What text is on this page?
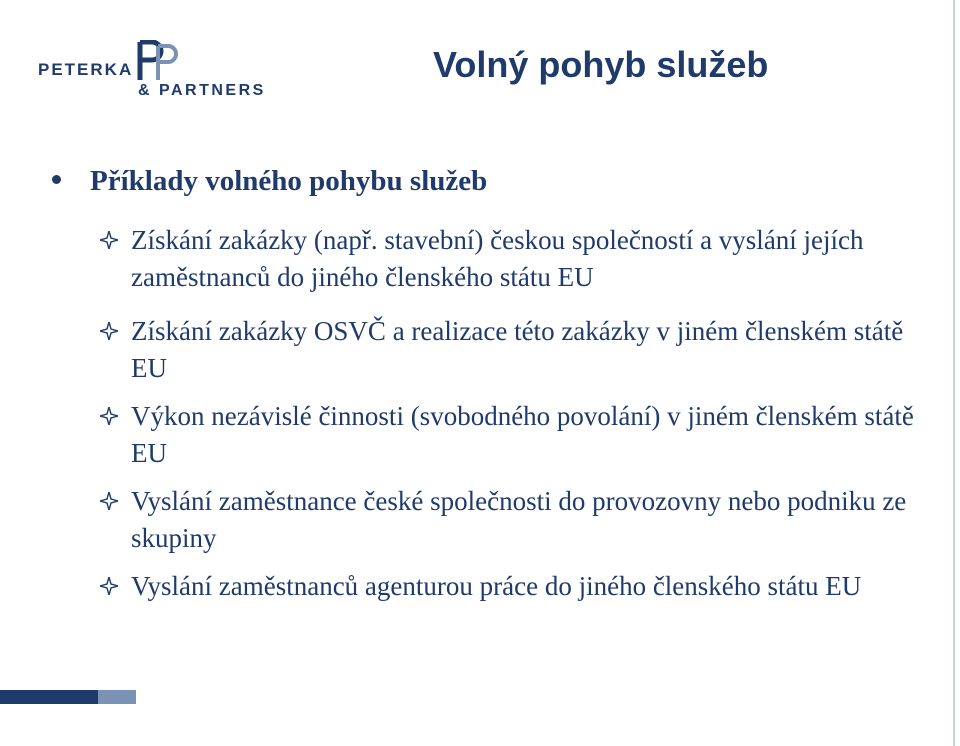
PETERKA
& PARTNERS
Volný pohyb služeb
Příklady volného pohybu služeb
Získání zakázky (např. stavební) českou společností a vyslání jejích zaměstnanců do jiného členského státu EU
Získání zakázky OSVČ a realizace této zakázky v jiném členském státě EU
Výkon nezávislé činnosti (svobodného povolání) v jiném členském státě EU
Vyslání zaměstnance české společnosti do provozovny nebo podniku ze skupiny
Vyslání zaměstnanců agenturou práce do jiného členského státu EU
